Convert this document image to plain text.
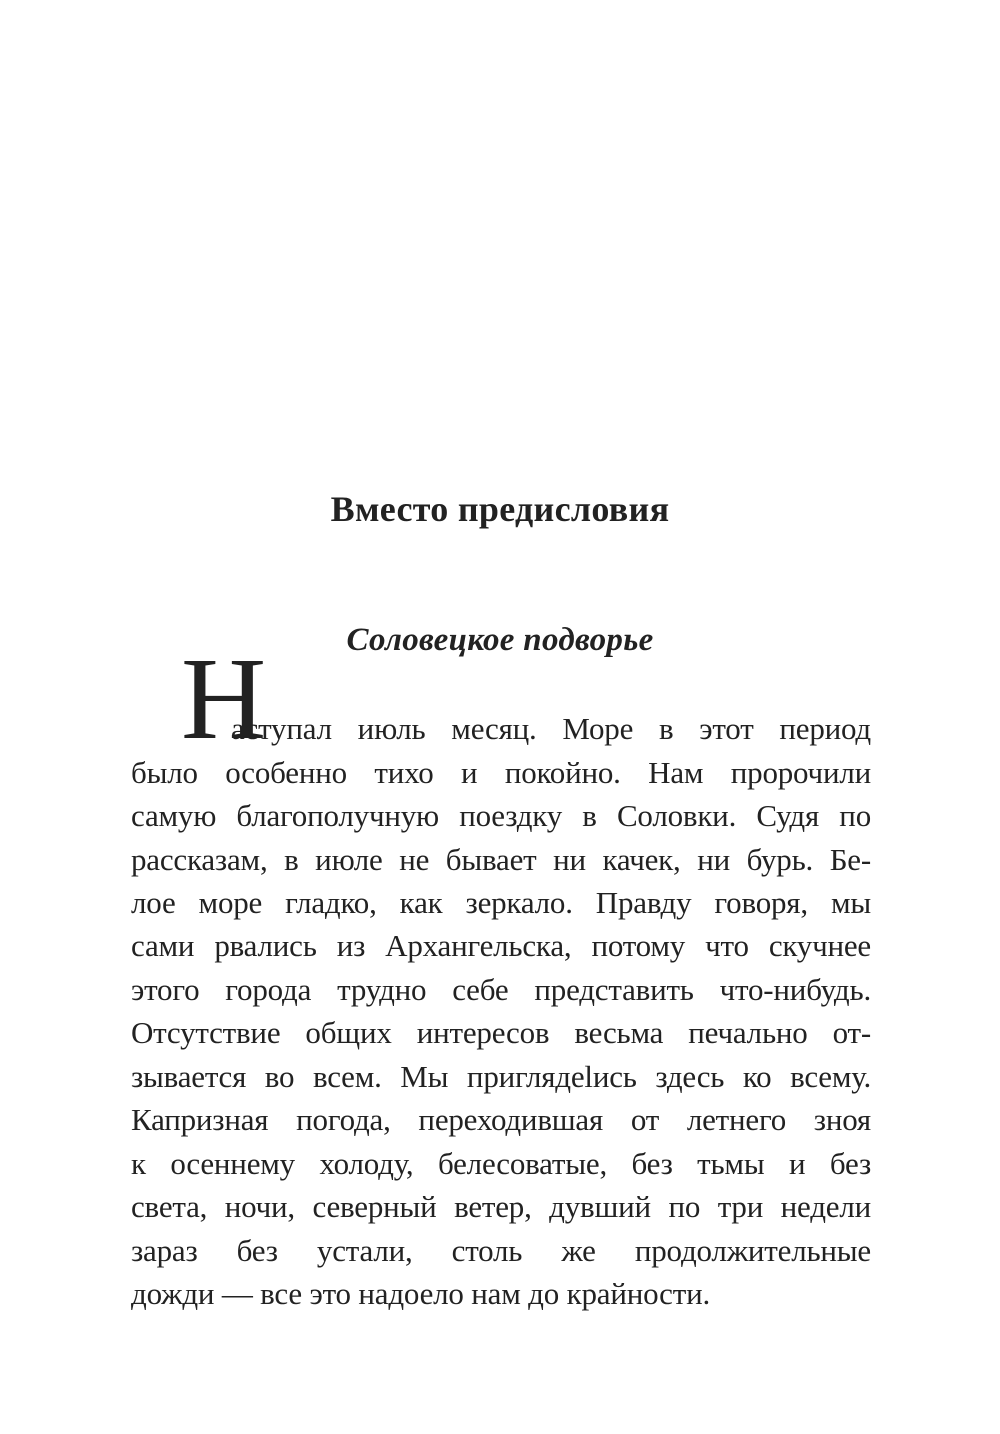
Вместо предисловия
Соловецкое подворье
Н
аступал июль месяц. Море в этот период
было особенно тихо и покойно. Нам пророчили
самую благополучную поездку в Соловки. Судя по
рассказам, в июле не бывает ни качек, ни бурь. Бе-
лое море гладко, как зеркало. Правду говоря, мы
сами рвались из Архангельска, потому что скучнее
этого города трудно себе представить что-нибудь.
Отсутствие общих интересов весьма печально от-
зывается во всем. Мы приглядеlись здесь ко всему.
Капризная погода, переходившая от летнего зноя
к осеннему холоду, белесоватые, без тьмы и без
света, ночи, северный ветер, дувший по три недели
зараз без устали, столь же продолжительные
дожди — все это надоело нам до крайности.
